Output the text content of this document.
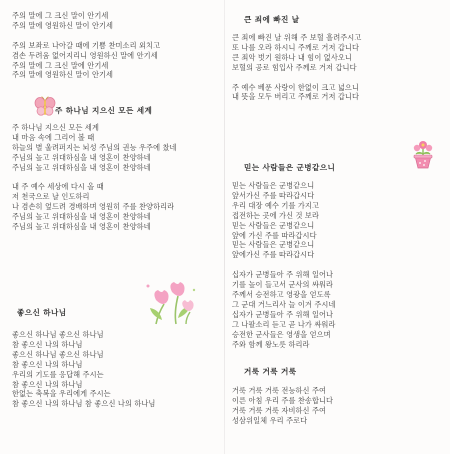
주의 말에 그 크신 말이 안기세
주의 말에 영원하신 말이 안기세

주의 보좌로 나아갈 때에 기쁨 찬미소리 외치고
겸손 두려움 없어지리니 영원하신 말에 안기세
주의 말에 그 크신 말에 안기세
주의 말에 영원하신 말이 안기세
주 하나님 지으신 모든 세계
주 하나님 지으신 모든 세계
내 마음 속에 그리어 볼 때
하늘의 별 울려퍼지는 뇌성 주님의 권능 우주에 찼네
주님의 높고 위대하심을 내 영혼이 찬양하네
주님의 높고 위대하심을 내 영혼이 찬양하네

내 주 예수 세상에 다시 올 때
저 천국으로 날 인도하리
나 겸손히 엎드려 경배하며 영원히 주를 찬양하리라
주님의 높고 위대하심을 내 영혼이 찬양하네
주님의 높고 위대하심을 내 영혼이 찬양하네
좋으신 하나님
좋으신 하나님 좋으신 하나님
참 좋으신 나의 하나님
좋으신 하나님 좋으신 하나님
참 좋으신 나의 하나님
우리의 기도를 응답해 주시는
참 좋으신 나의 하나님
한없는 축복을 우리에게 주시는
참 좋으신 나의 하나님 참 좋으신 나의 하나님
큰 죄에 빠진 날
큰 죄에 빠진 날 위해 주 보혈 흘려주시고
또 나를 오라 하시니 주께로 거저 갑니다
큰 죄악 벗기 원하나 내 힘이 없사오니
보혈의 공로 힘입사 주께로 거저 갑니다

주 예수 베푼 사랑이 한없이 크고 넓으니
내 뜻을 모두 버리고 주께로 거저 갑니다
믿는 사람들은 군병같으니
믿는 사람들은 군병같으니
앞서가신 주를 따라갑시다
우리 대장 예수 기를 가지고
접전하는 곳에 가신 것 보라
믿는 사람들은 군병같으니
앞에 가신 주를 따라갑시다
믿는 사람들은 군병같으니
앞에가신 주를 따라갑시다

십자가 군병들아 주 위해 일어나
기를 높이 들고서 군사의 싸워라
주께서 승전하고 영광을 얻도록
그 군대 거느리사 늘 이겨 주시네
십자가 군병들아 주 위해 일어나
그 나팔소리 듣고 곧 나가 싸워라
승전한 군사들은 영생을 얻으며
주와 함께 왕노릇 하리라
거룩 거룩 거룩
거룩 거룩 거룩 전능하신 주여
이른 아침 우리 주를 찬송합니다
거룩 거룩 거룩 자비하신 주여
성삼위일체 우리 주로다
